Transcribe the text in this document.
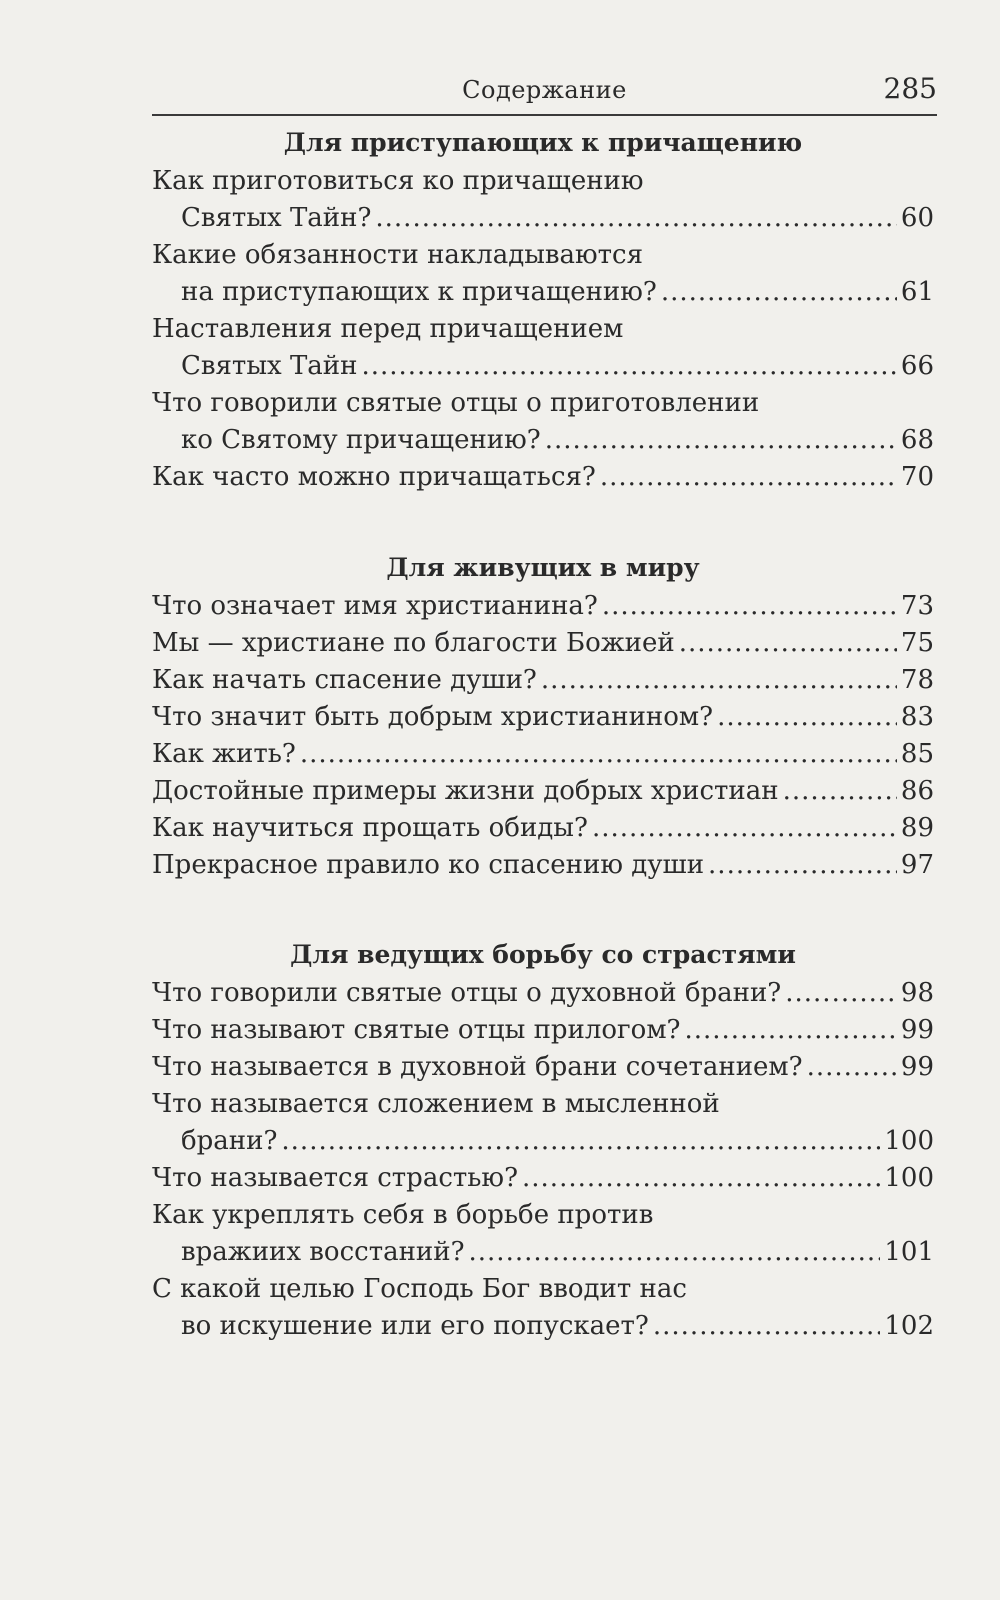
Содержание	285
Для приступающих к причащению
Как приготовиться ко причащению
Святых Тайн? .....	60
Какие обязанности накладываются
на приступающих к причащению? .....	61
Наставления перед причащением
Святых Тайн .....	66
Что говорили святые отцы о приготовлении
ко Святому причащению? .....	68
Как часто можно причащаться? .....	70
Для живущих в миру
Что означает имя христианина? .....	73
Мы — христиане по благости Божией .....	75
Как начать спасение души? .....	78
Что значит быть добрым христианином? .....	83
Как жить? .....	85
Достойные примеры жизни добрых христиан .....	86
Как научиться прощать обиды? .....	89
Прекрасное правило ко спасению души .....	97
Для ведущих борьбу со страстями
Что говорили святые отцы о духовной брани? .....	98
Что называют святые отцы прилогом? .....	99
Что называется в духовной брани сочетанием? .....	99
Что называется сложением в мысленной
брани? .....	100
Что называется страстью? .....	100
Как укреплять себя в борьбе против
вражиих восстаний? .....	101
С какой целью Господь Бог вводит нас
во искушение или его попускает? .....	102
